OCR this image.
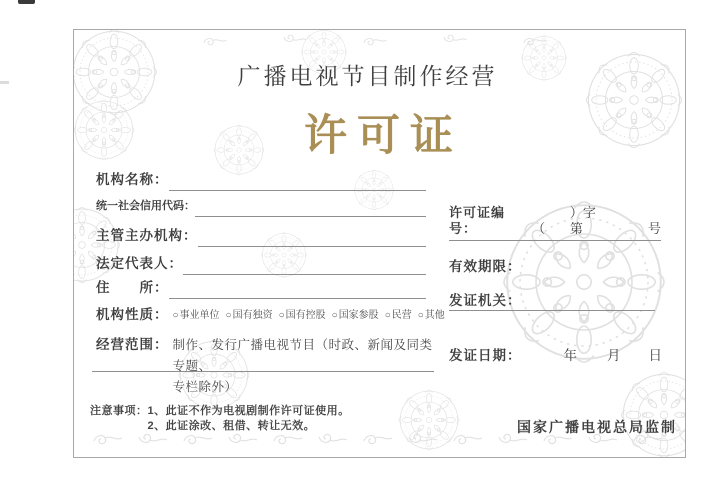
广播电视节目制作经营
许可证
机构名称：
统一社会信用代码：
主管主办机构：
法定代表人：
住　　所：
机构性质： ○ 事业单位 ○ 国有独资 ○ 国有控股 ○ 国家参股 ○ 民营 ○ 其他
经营范围： 制作、发行广播电视节目（时政、新闻及同类专题、
专栏除外）
许可证编号：	（
）字第	号
有效期限：
发证机关：
发证日期：	年 月 日
国家广播电视总局监制
注意事项： 1、此证不作为电视剧制作许可证使用。
2、此证涂改、租借、转让无效。
